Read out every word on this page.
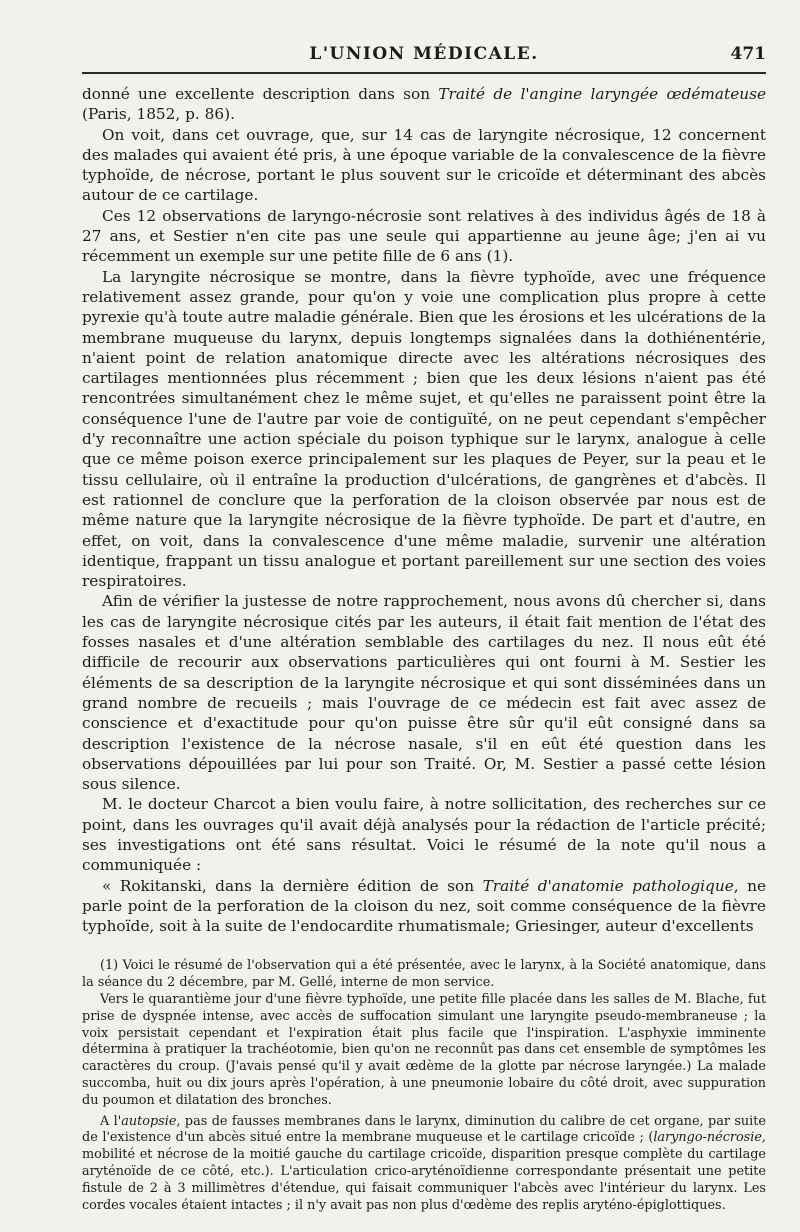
L'UNION MÉDICALE.	471

donné une excellente description dans son Traité de l'angine laryngée œdémateuse (Paris, 1852, p. 86).

On voit, dans cet ouvrage, que, sur 14 cas de laryngite nécrosique, 12 concernent des malades qui avaient été pris, à une époque variable de la convalescence de la fièvre typhoïde, de nécrose, portant le plus souvent sur le cricoïde et déterminant des abcès autour de ce cartilage.

Ces 12 observations de laryngo-nécrosie sont relatives à des individus âgés de 18 à 27 ans, et Sestier n'en cite pas une seule qui appartienne au jeune âge; j'en ai vu récemment un exemple sur une petite fille de 6 ans (1).

La laryngite nécrosique se montre, dans la fièvre typhoïde, avec une fréquence relativement assez grande, pour qu'on y voie une complication plus propre à cette pyrexie qu'à toute autre maladie générale. Bien que les érosions et les ulcérations de la membrane muqueuse du larynx, depuis longtemps signalées dans la dothiénentérie, n'aient point de relation anatomique directe avec les altérations nécrosiques des cartilages mentionnées plus récemment ; bien que les deux lésions n'aient pas été rencontrées simultanément chez le même sujet, et qu'elles ne paraissent point être la conséquence l'une de l'autre par voie de contiguïté, on ne peut cependant s'empêcher d'y reconnaître une action spéciale du poison typhique sur le larynx, analogue à celle que ce même poison exerce principalement sur les plaques de Peyer, sur la peau et le tissu cellulaire, où il entraîne la production d'ulcérations, de gangrènes et d'abcès. Il est rationnel de conclure que la perforation de la cloison observée par nous est de même nature que la laryngite nécrosique de la fièvre typhoïde. De part et d'autre, en effet, on voit, dans la convalescence d'une même maladie, survenir une altération identique, frappant un tissu analogue et portant pareillement sur une section des voies respiratoires.

Afin de vérifier la justesse de notre rapprochement, nous avons dû chercher si, dans les cas de laryngite nécrosique cités par les auteurs, il était fait mention de l'état des fosses nasales et d'une altération semblable des cartilages du nez. Il nous eût été difficile de recourir aux observations particulières qui ont fourni à M. Sestier les éléments de sa description de la laryngite nécrosique et qui sont disséminées dans un grand nombre de recueils ; mais l'ouvrage de ce médecin est fait avec assez de conscience et d'exactitude pour qu'on puisse être sûr qu'il eût consigné dans sa description l'existence de la nécrose nasale, s'il en eût été question dans les observations dépouillées par lui pour son Traité. Or, M. Sestier a passé cette lésion sous silence.

M. le docteur Charcot a bien voulu faire, à notre sollicitation, des recherches sur ce point, dans les ouvrages qu'il avait déjà analysés pour la rédaction de l'article précité; ses investigations ont été sans résultat. Voici le résumé de la note qu'il nous a communiquée :

« Rokitanski, dans la dernière édition de son Traité d'anatomie pathologique, ne parle point de la perforation de la cloison du nez, soit comme conséquence de la fièvre typhoïde, soit à la suite de l'endocardite rhumatismale; Griesinger, auteur d'excellents

(1) Voici le résumé de l'observation qui a été présentée, avec le larynx, à la Société anatomique, dans la séance du 2 décembre, par M. Gellé, interne de mon service.

Vers le quarantième jour d'une fièvre typhoïde, une petite fille placée dans les salles de M. Blache, fut prise de dyspnée intense, avec accès de suffocation simulant une laryngite pseudo-membraneuse ; la voix persistait cependant et l'expiration était plus facile que l'inspiration. L'asphyxie imminente détermina à pratiquer la trachéotomie, bien qu'on ne reconnût pas dans cet ensemble de symptômes les caractères du croup. (J'avais pensé qu'il y avait œdème de la glotte par nécrose laryngée.) La malade succomba, huit ou dix jours après l'opération, à une pneumonie lobaire du côté droit, avec suppuration du poumon et dilatation des bronches.

A l'autopsie, pas de fausses membranes dans le larynx, diminution du calibre de cet organe, par suite de l'existence d'un abcès situé entre la membrane muqueuse et le cartilage cricoïde ; (laryngo-nécrosie, mobilité et nécrose de la moitié gauche du cartilage cricoïde, disparition presque complète du cartilage aryténoïde de ce côté, etc.). L'articulation crico-aryténoïdienne correspondante présentait une petite fistule de 2 à 3 millimètres d'étendue, qui faisait communiquer l'abcès avec l'intérieur du larynx. Les cordes vocales étaient intactes ; il n'y avait pas non plus d'œdème des replis aryténo-épiglottiques.
